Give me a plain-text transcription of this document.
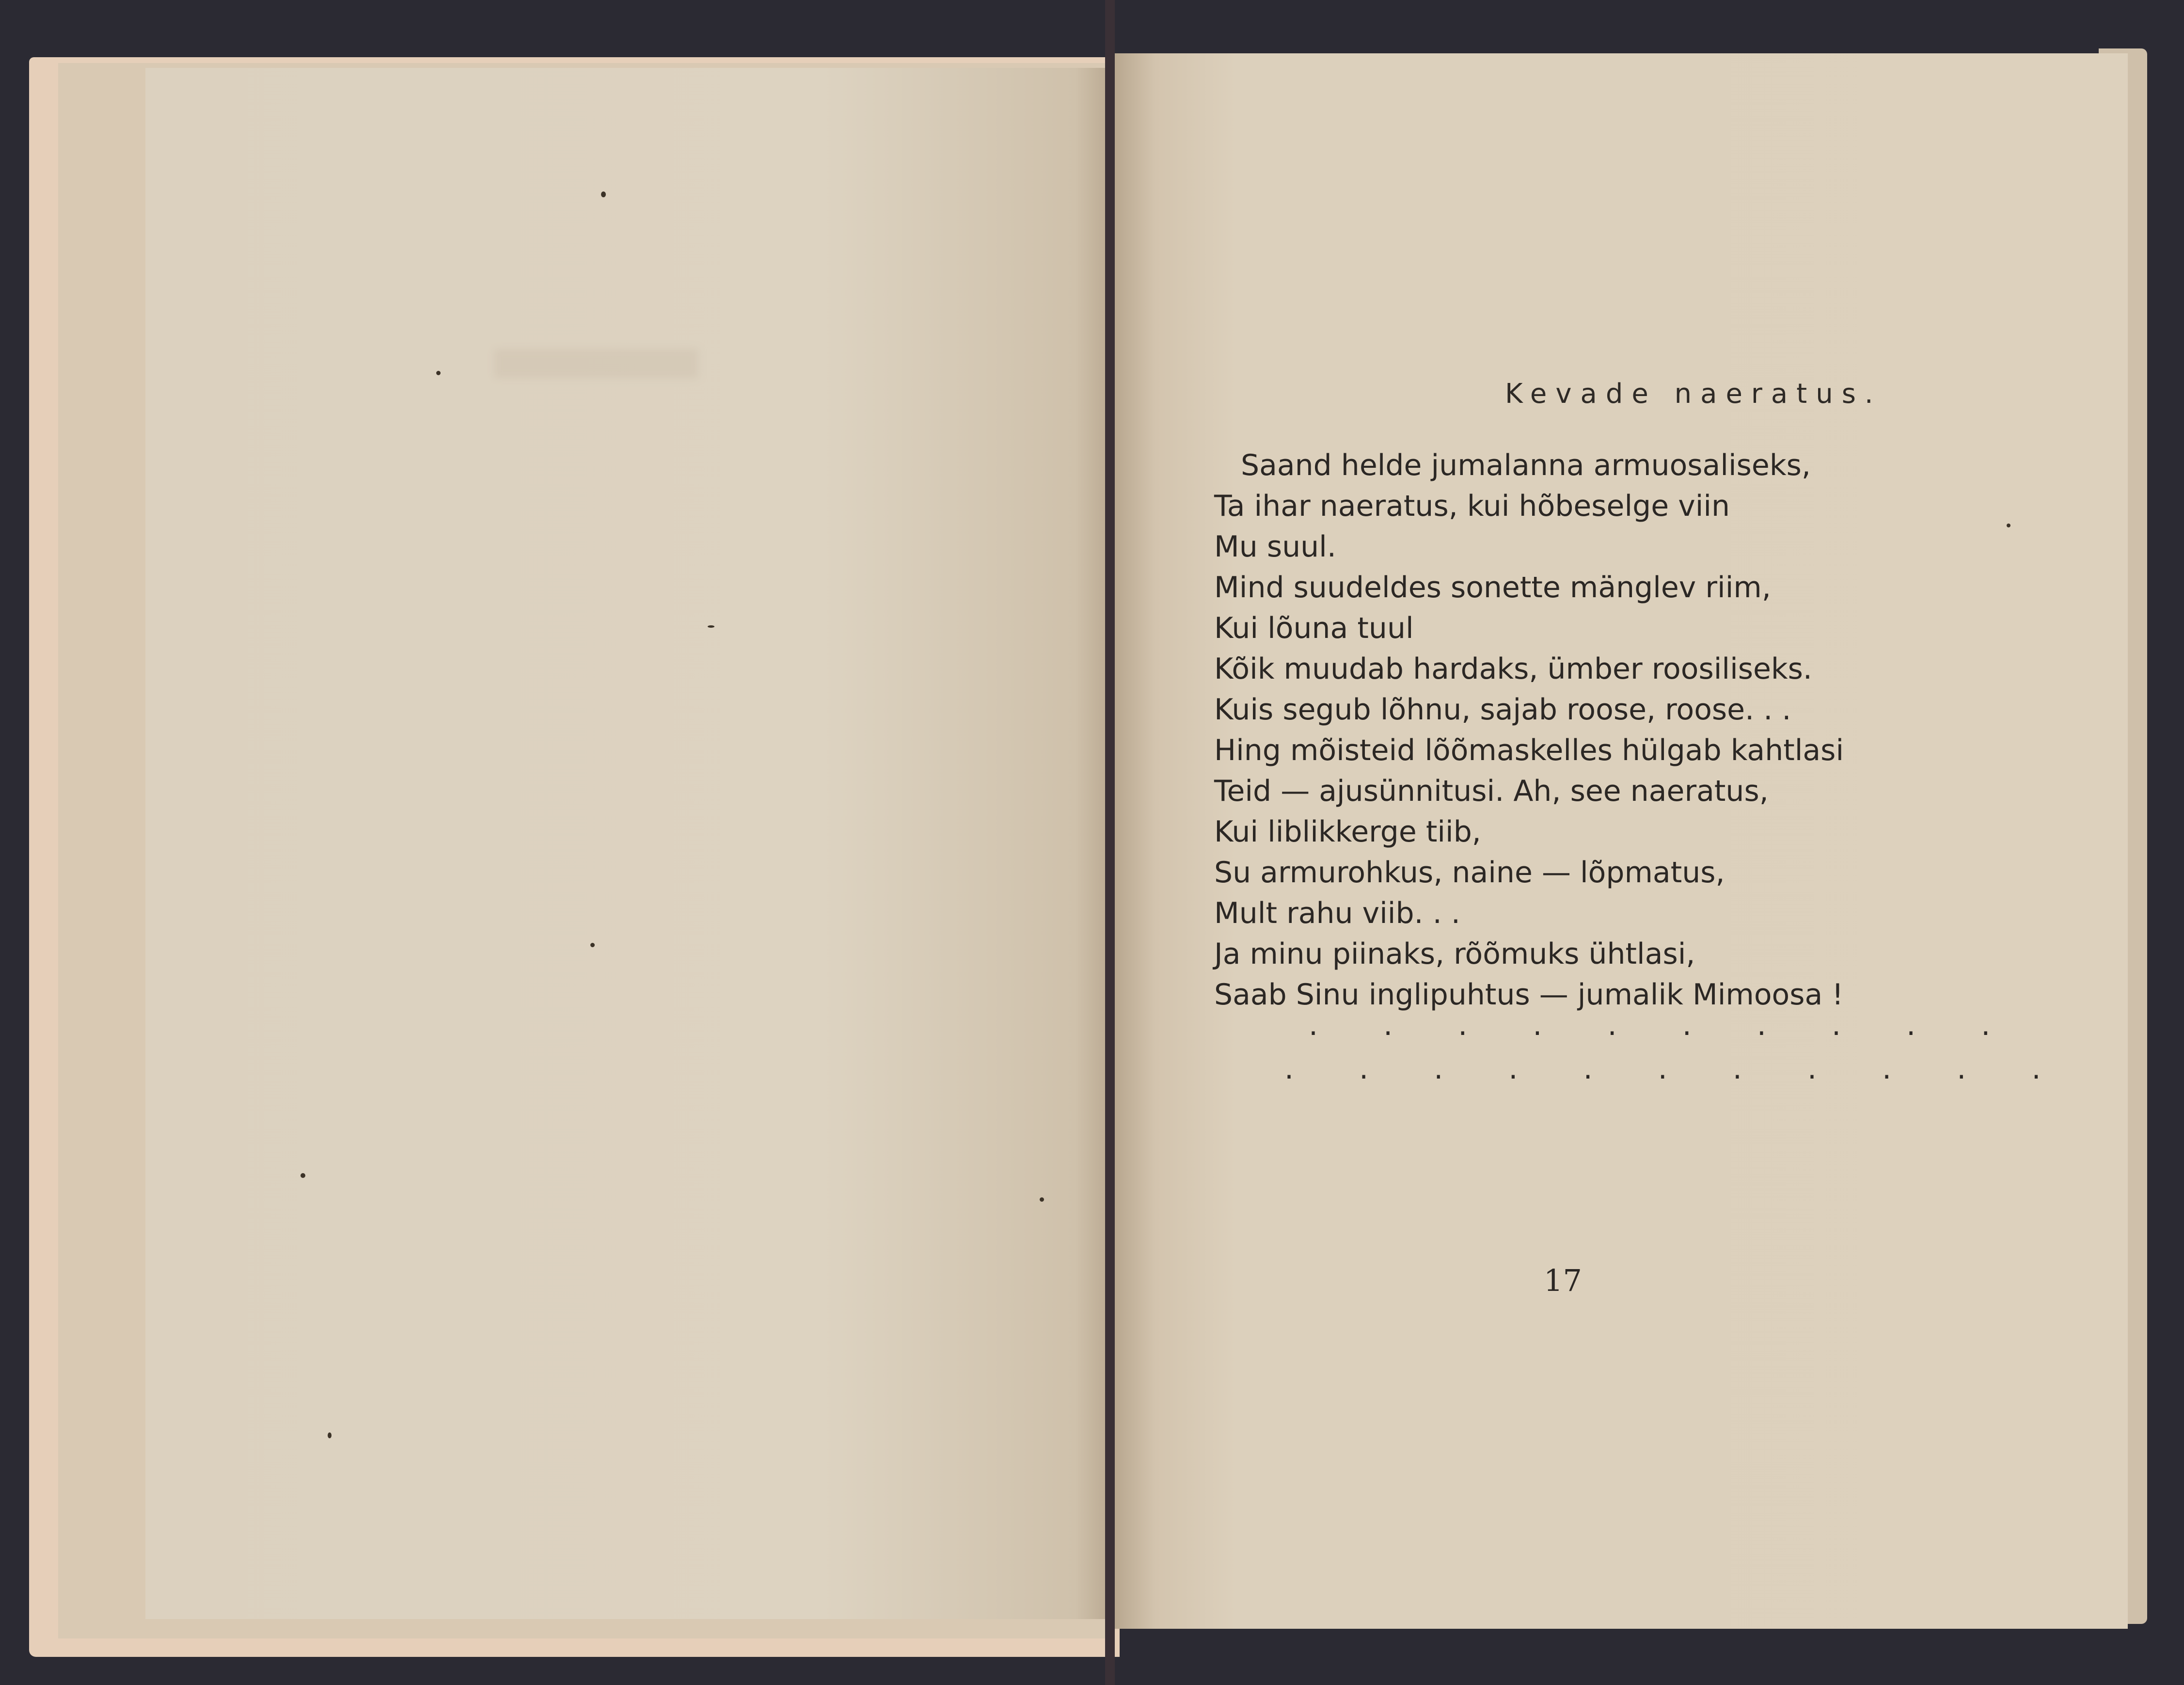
Kevade naeratus.
Saand helde jumalanna armuosaliseks,
Ta ihar naeratus, kui hõbeselge viin
Mu suul.
Mind suudeldes sonette mänglev riim,
Kui lõuna tuul
Kõik muudab hardaks, ümber roosiliseks.
Kuis segub lõhnu, sajab roose, roose. . .
Hing mõisteid lõõmaskelles hülgab kahtlasi
Teid — ajusünnitusi. Ah, see naeratus,
Kui liblikkerge tiib,
Su armurohkus, naine — lõpmatus,
Mult rahu viib. . .
Ja minu piinaks, rõõmuks ühtlasi,
Saab Sinu inglipuhtus — jumalik Mimoosa !
. . . . . . . . . .
. . . . . . . . . . .
17
